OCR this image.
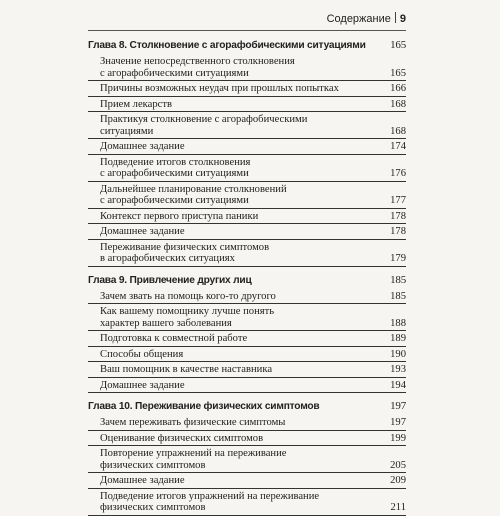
Содержание 9
Глава 8. Столкновение с агорафобическими ситуациями	165
Значение непосредственного столкновения
с агорафобическими ситуациями	165
Причины возможных неудач при прошлых попытках	166
Прием лекарств	168
Практикуя столкновение с агорафобическими
ситуациями	168
Домашнее задание	174
Подведение итогов столкновения
с агорафобическими ситуациями	176
Дальнейшее планирование столкновений
с агорафобическими ситуациями	177
Контекст первого приступа паники	178
Домашнее задание	178
Переживание физических симптомов
в агорафобических ситуациях	179
Глава 9. Привлечение других лиц	185
Зачем звать на помощь кого-то другого	185
Как вашему помощнику лучше понять
характер вашего заболевания	188
Подготовка к совместной работе	189
Способы общения	190
Ваш помощник в качестве наставника	193
Домашнее задание	194
Глава 10. Переживание физических симптомов	197
Зачем переживать физические симптомы	197
Оценивание физических симптомов	199
Повторение упражнений на переживание
физических симптомов	205
Домашнее задание	209
Подведение итогов упражнений на переживание
физических симптомов	211
